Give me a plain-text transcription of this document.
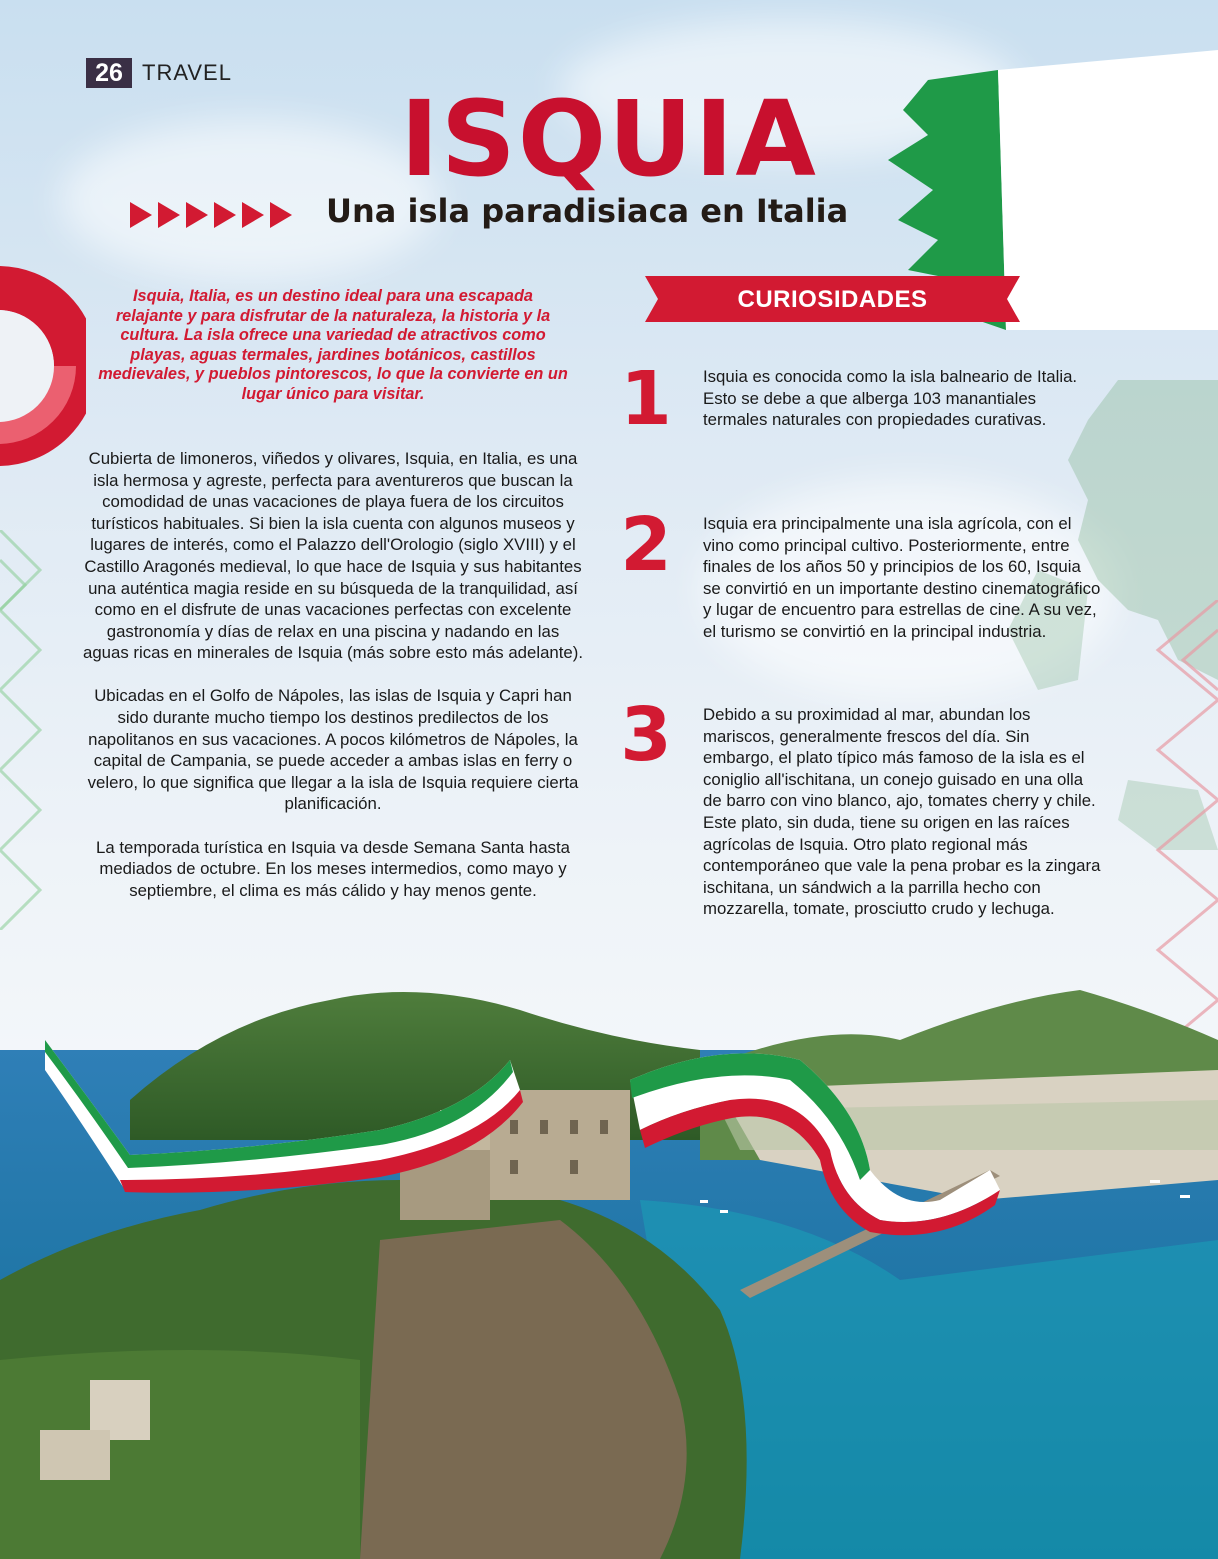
26 TRAVEL
ISQUIA
Una isla paradisiaca en Italia

Isquia, Italia, es un destino ideal para una escapada relajante y para disfrutar de la naturaleza, la historia y la cultura. La isla ofrece una variedad de atractivos como playas, aguas termales, jardines botánicos, castillos medievales, y pueblos pintorescos, lo que la convierte en un lugar único para visitar.

Cubierta de limoneros, viñedos y olivares, Isquia, en Italia, es una isla hermosa y agreste, perfecta para aventureros que buscan la comodidad de unas vacaciones de playa fuera de los circuitos turísticos habituales. Si bien la isla cuenta con algunos museos y lugares de interés, como el Palazzo dell'Orologio (siglo XVIII) y el Castillo Aragonés medieval, lo que hace de Isquia y sus habitantes una auténtica magia reside en su búsqueda de la tranquilidad, así como en el disfrute de unas vacaciones perfectas con excelente gastronomía y días de relax en una piscina y nadando en las aguas ricas en minerales de Isquia (más sobre esto más adelante).

Ubicadas en el Golfo de Nápoles, las islas de Isquia y Capri han sido durante mucho tiempo los destinos predilectos de los napolitanos en sus vacaciones. A pocos kilómetros de Nápoles, la capital de Campania, se puede acceder a ambas islas en ferry o velero, lo que significa que llegar a la isla de Isquia requiere cierta planificación.

La temporada turística en Isquia va desde Semana Santa hasta mediados de octubre. En los meses intermedios, como mayo y septiembre, el clima es más cálido y hay menos gente.

CURIOSIDADES
1 Isquia es conocida como la isla balneario de Italia. Esto se debe a que alberga 103 manantiales termales naturales con propiedades curativas.

2 Isquia era principalmente una isla agrícola, con el vino como principal cultivo. Posteriormente, entre finales de los años 50 y principios de los 60, Isquia se convirtió en un importante destino cinematográfico y lugar de encuentro para estrellas de cine. A su vez, el turismo se convirtió en la principal industria.

3 Debido a su proximidad al mar, abundan los mariscos, generalmente frescos del día. Sin embargo, el plato típico más famoso de la isla es el coniglio all'ischitana, un conejo guisado en una olla de barro con vino blanco, ajo, tomates cherry y chile. Este plato, sin duda, tiene su origen en las raíces agrícolas de Isquia. Otro plato regional más contemporáneo que vale la pena probar es la zingara ischitana, un sándwich a la parrilla hecho con mozzarella, tomate, prosciutto crudo y lechuga.
